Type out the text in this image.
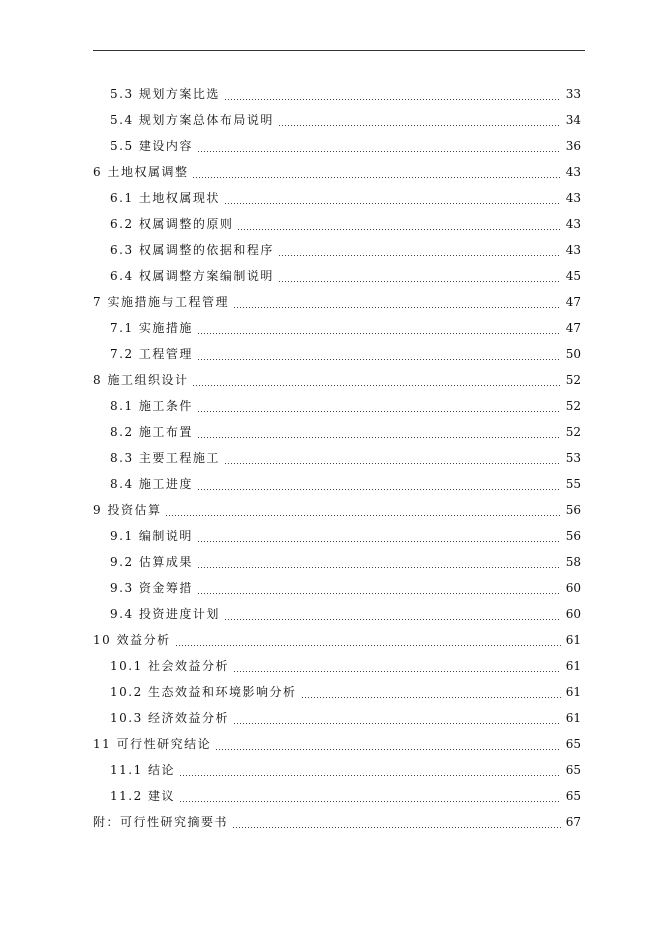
5.3 规划方案比选	33
5.4 规划方案总体布局说明	34
5.5 建设内容	36
6 土地权属调整	43
6.1 土地权属现状	43
6.2 权属调整的原则	43
6.3 权属调整的依据和程序	43
6.4 权属调整方案编制说明	45
7 实施措施与工程管理	47
7.1 实施措施	47
7.2 工程管理	50
8 施工组织设计	52
8.1 施工条件	52
8.2 施工布置	52
8.3 主要工程施工	53
8.4 施工进度	55
9 投资估算	56
9.1 编制说明	56
9.2 估算成果	58
9.3 资金筹措	60
9.4 投资进度计划	60
10 效益分析	61
10.1 社会效益分析	61
10.2 生态效益和环境影响分析	61
10.3 经济效益分析	61
11 可行性研究结论	65
11.1 结论	65
11.2 建议	65
附：可行性研究摘要书	67
